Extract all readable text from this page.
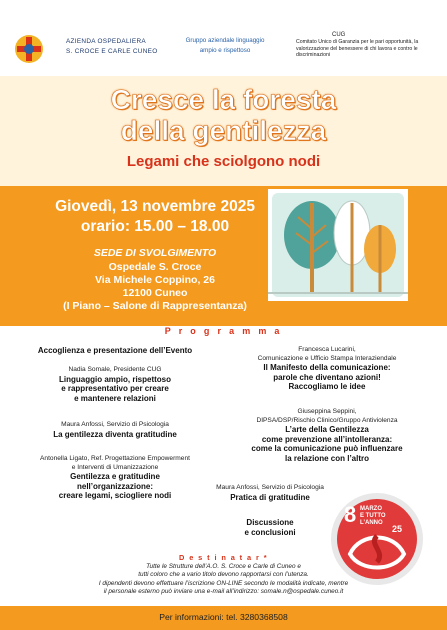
AZIENDA OSPEDALIERA
S. CROCE E CARLE CUNEO
Gruppo aziendale linguaggio
ampio e rispettoso
CUG
Comitato Unico di Garanzia per le pari opportunità, la valorizzazione del benessere di chi lavora e contro le discriminazioni
Cresce la foresta
della gentilezza
Legami che sciolgono nodi
Giovedì, 13 novembre 2025
orario: 15.00 – 18.00
SEDE DI SVOLGIMENTO
Ospedale S. Croce
Via Michele Coppino, 26
12100 Cuneo
(I Piano – Salone di Rappresentanza)
P r o g r a m m a
Accoglienza e presentazione dell’Evento
Nadia Somale, Presidente CUG
Linguaggio ampio, rispettoso
e rappresentativo per creare
e mantenere relazioni
Maura Anfossi, Servizio di Psicologia
La gentilezza diventa gratitudine
Antonella Ligato, Ref. Progettazione Empowerment
e Interventi di Umanizzazione
Gentilezza e gratitudine
nell’organizzazione:
creare legami, sciogliere nodi
Francesca Lucarini,
Comunicazione e Ufficio Stampa Interaziendale
Il Manifesto della comunicazione:
parole che diventano azioni!
Raccogliamo le idee
Giuseppina Seppini,
DIPSA/DSP/Rischio Clinico/Gruppo Antiviolenza
L’arte della Gentilezza
come prevenzione all’intolleranza:
come la comunicazione può influenzare
la relazione con l’altro
Maura Anfossi, Servizio di Psicologia
Pratica di gratitudine
Discussione
e conclusioni
8 MARZO
E TUTTO
L’ANNO
25
D e s t i n a t a r *
Tutte le Strutture dell’A.O. S. Croce e Carle di Cuneo e
tutti coloro che a vario titolo devono rapportarsi con l’utenza.
I dipendenti devono effettuare l’iscrizione ON-LINE secondo le modalità indicate, mentre
il personale esterno può inviare una e-mail all’indirizzo: somale.n@ospedale.cuneo.it
Per informazioni: tel. 3280368508
